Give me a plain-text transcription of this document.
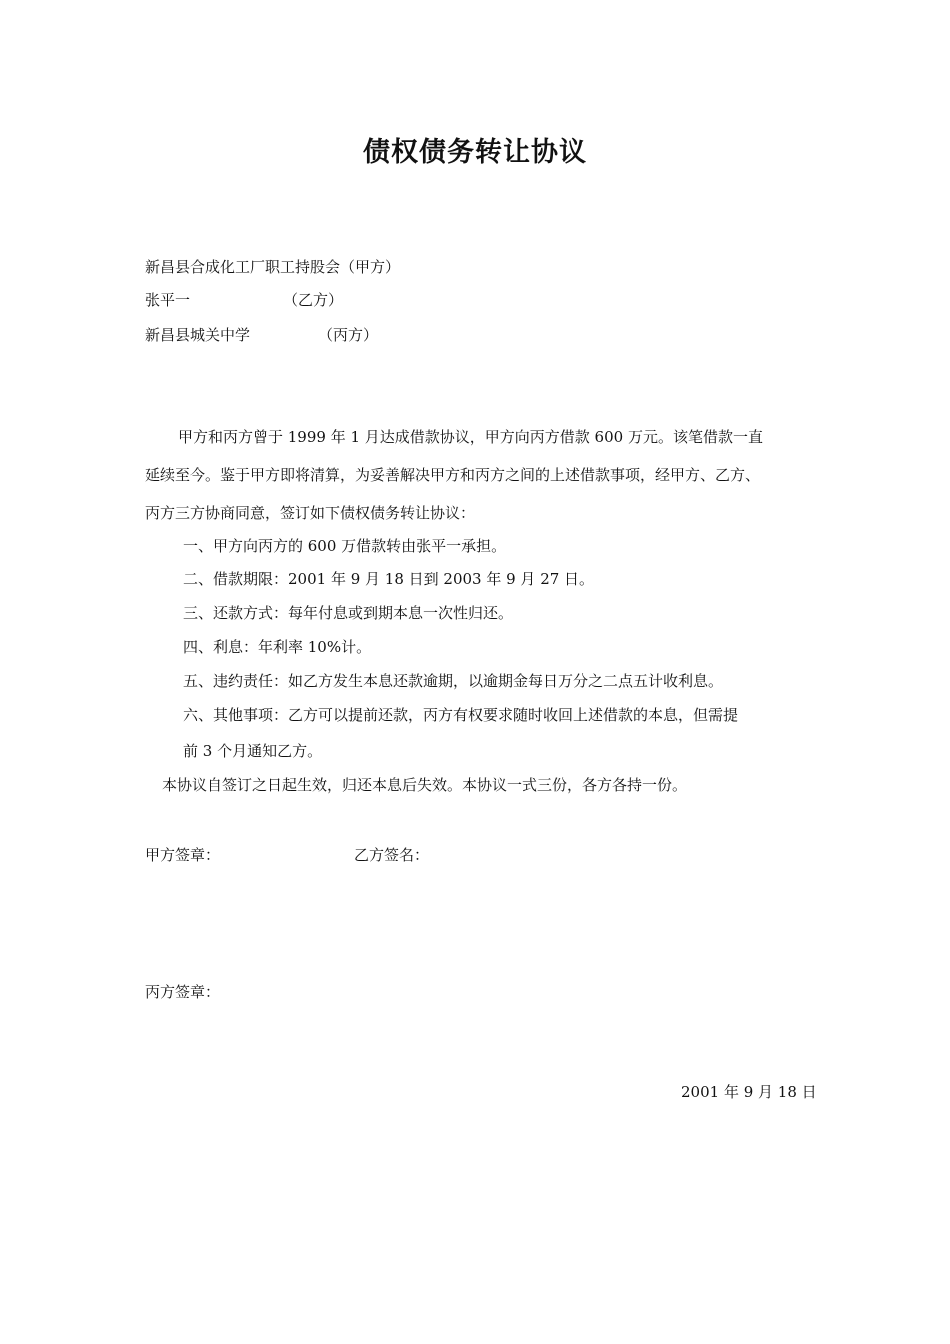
债权债务转让协议
新昌县合成化工厂职工持股会（甲方）
张平一	（乙方）
新昌县城关中学	（丙方）
甲方和丙方曾于 1999 年 1 月达成借款协议，甲方向丙方借款 600 万元。该笔借款一直
延续至今。鉴于甲方即将清算，为妥善解决甲方和丙方之间的上述借款事项，经甲方、乙方、
丙方三方协商同意，签订如下债权债务转让协议：
一、甲方向丙方的 600 万借款转由张平一承担。
二、借款期限：2001 年 9 月 18 日到 2003 年 9 月 27 日。
三、还款方式：每年付息或到期本息一次性归还。
四、利息：年利率 10%计。
五、违约责任：如乙方发生本息还款逾期，以逾期金每日万分之二点五计收利息。
六、其他事项：乙方可以提前还款，丙方有权要求随时收回上述借款的本息，但需提
前 3 个月通知乙方。
本协议自签订之日起生效，归还本息后失效。本协议一式三份，各方各持一份。
甲方签章：	乙方签名：
丙方签章：
2001 年 9 月 18 日
